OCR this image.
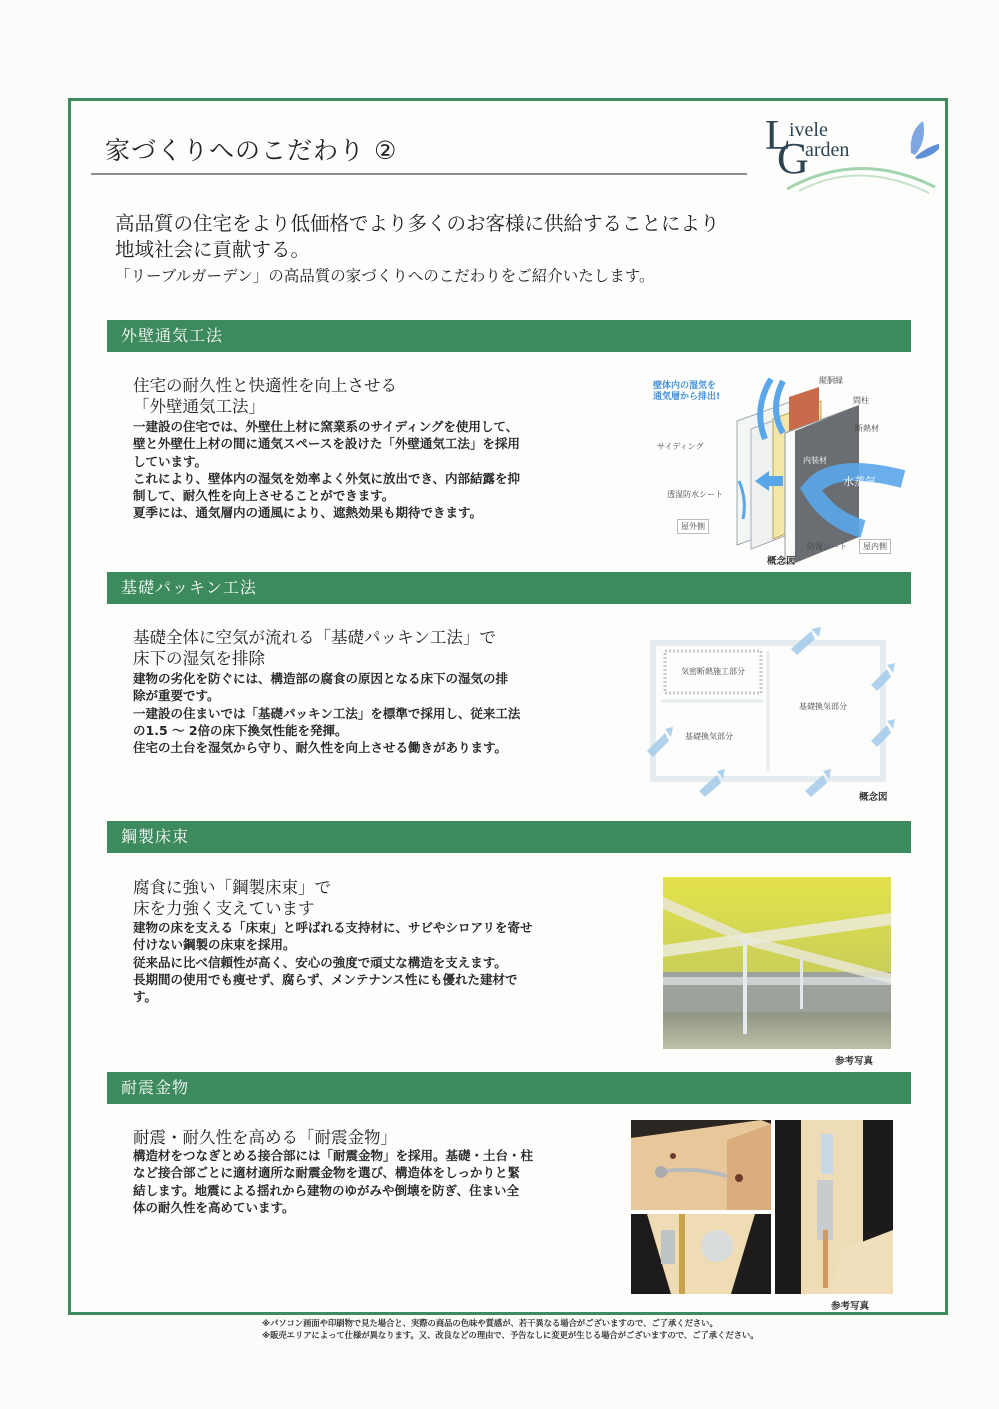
家づくりへのこだわり ②	L
ivele
G
arden
高品質の住宅をより低価格でより多くのお客様に供給することにより
地域社会に貢献する。
「リーブルガーデン」の高品質の家づくりへのこだわりをご紹介いたします。
外壁通気工法
住宅の耐久性と快適性を向上させる
「外壁通気工法」
一建設の住宅では、外壁仕上材に窯業系のサイディングを使用して、
壁と外壁仕上材の間に通気スペースを設けた「外壁通気工法」を採用
しています。
これにより、壁体内の湿気を効率よく外気に放出でき、内部結露を抑
制して、耐久性を向上させることができます。
夏季には、通気層内の通風により、遮熱効果も期待できます。
壁体内の湿気を
通気層から排出!
縦胴縁
間柱
断熱材
サイディング
内装材
水蒸気
透湿防水シート
屋外側
防湿シート	屋内側
概念図
基礎パッキン工法
基礎全体に空気が流れる「基礎パッキン工法」で
床下の湿気を排除
建物の劣化を防ぐには、構造部の腐食の原因となる床下の湿気の排
除が重要です。
一建設の住まいでは「基礎パッキン工法」を標準で採用し、従来工法
の1.5 ～ 2倍の床下換気性能を発揮。
住宅の土台を湿気から守り、耐久性を向上させる働きがあります。
気密断熱施工部分
基礎換気部分
基礎換気部分
概念図
鋼製床束
腐食に強い「鋼製床束」で
床を力強く支えています
建物の床を支える「床束」と呼ばれる支持材に、サビやシロアリを寄せ
付けない鋼製の床束を採用。
従来品に比べ信頼性が高く、安心の強度で頑丈な構造を支えます。
長期間の使用でも痩せず、腐らず、メンテナンス性にも優れた建材で
す。
参考写真
耐震金物
耐震・耐久性を高める「耐震金物」
構造材をつなぎとめる接合部には「耐震金物」を採用。基礎・土台・柱
など接合部ごとに適材適所な耐震金物を選び、構造体をしっかりと緊
結します。地震による揺れから建物のゆがみや倒壊を防ぎ、住まい全
体の耐久性を高めています。
参考写真
※パソコン画面や印刷物で見た場合と、実際の商品の色味や質感が、若干異なる場合がございますので、ご了承ください。
※販売エリアによって仕様が異なります。又、改良などの理由で、予告なしに変更が生じる場合がございますので、ご了承ください。
